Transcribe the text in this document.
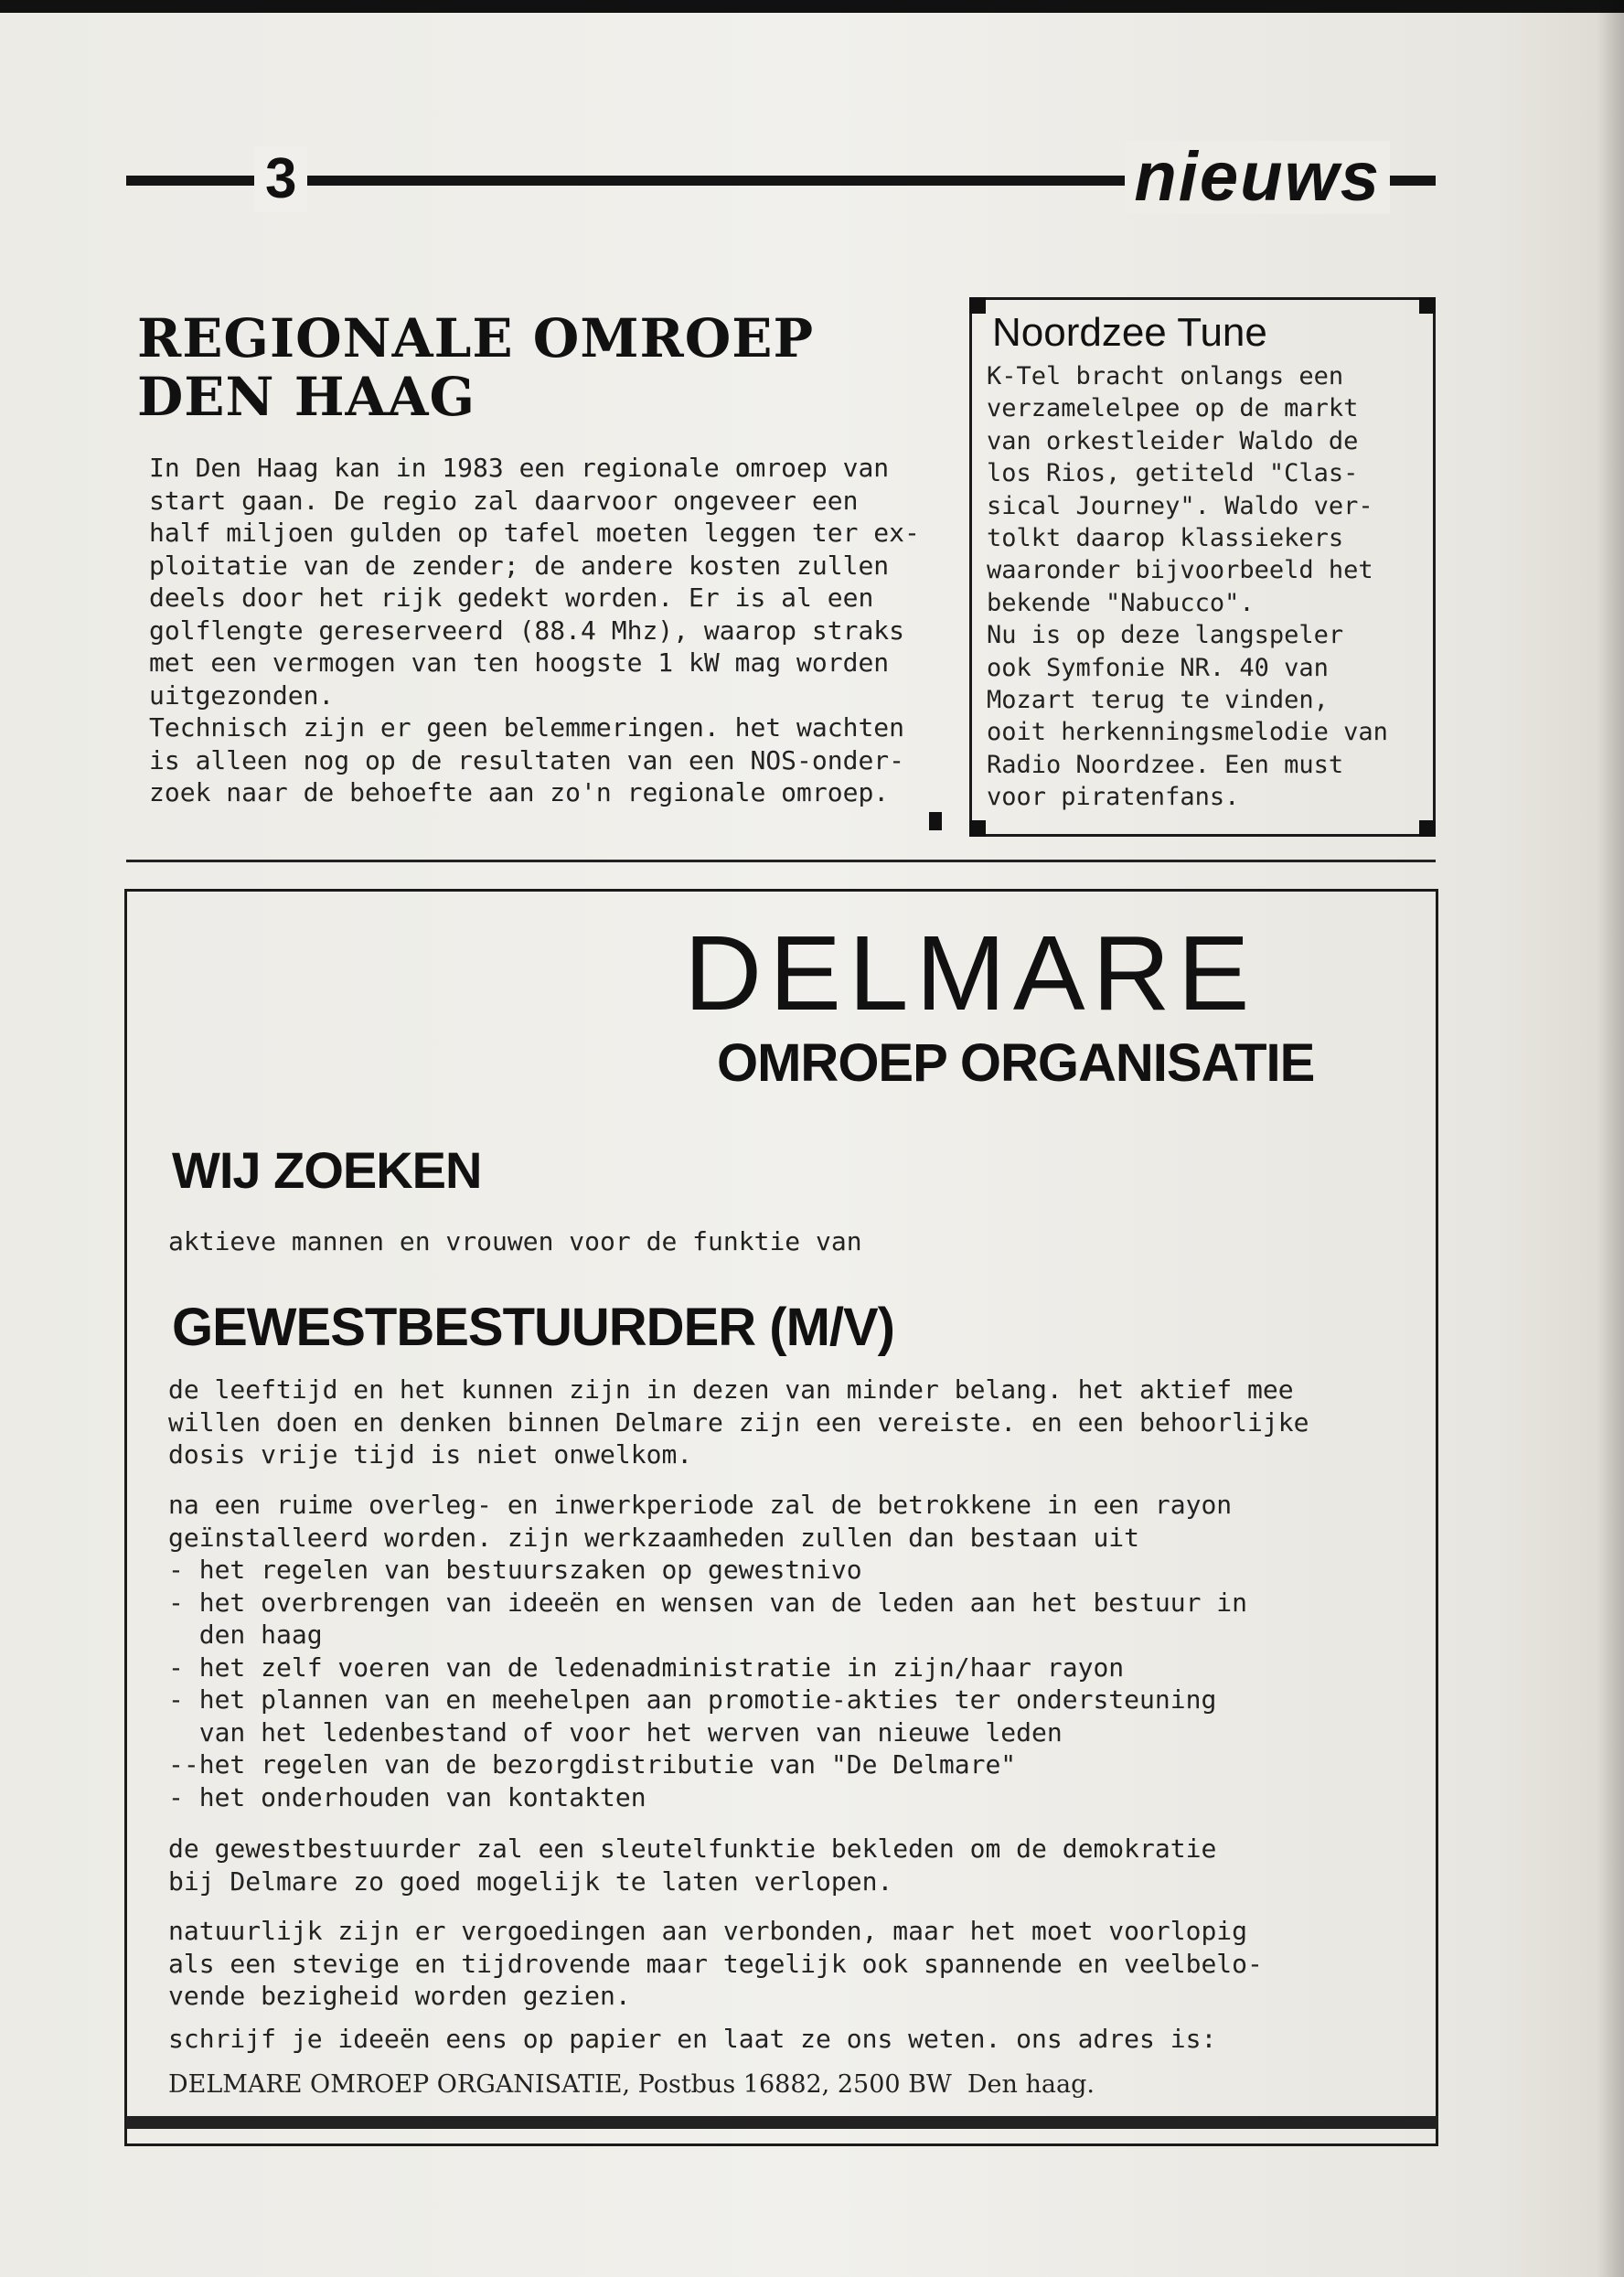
3	nieuws
REGIONALE OMROEP
DEN HAAG
In Den Haag kan in 1983 een regionale omroep van
start gaan. De regio zal daarvoor ongeveer een
half miljoen gulden op tafel moeten leggen ter ex-
ploitatie van de zender; de andere kosten zullen
deels door het rijk gedekt worden. Er is al een
golflengte gereserveerd (88.4 Mhz), waarop straks
met een vermogen van ten hoogste 1 kW mag worden
uitgezonden.
Technisch zijn er geen belemmeringen. het wachten
is alleen nog op de resultaten van een NOS-onder-
zoek naar de behoefte aan zo'n regionale omroep.
Noordzee Tune
K-Tel bracht onlangs een
verzamelelpee op de markt
van orkestleider Waldo de
los Rios, getiteld "Clas-
sical Journey". Waldo ver-
tolkt daarop klassiekers
waaronder bijvoorbeeld het
bekende "Nabucco".
Nu is op deze langspeler
ook Symfonie NR. 40 van
Mozart terug te vinden,
ooit herkenningsmelodie van
Radio Noordzee. Een must
voor piratenfans.
DELMARE
OMROEP ORGANISATIE
WIJ ZOEKEN
aktieve mannen en vrouwen voor de funktie van
GEWESTBESTUURDER (M/V)
de leeftijd en het kunnen zijn in dezen van minder belang. het aktief mee
willen doen en denken binnen Delmare zijn een vereiste. en een behoorlijke
dosis vrije tijd is niet onwelkom.
na een ruime overleg- en inwerkperiode zal de betrokkene in een rayon
geïnstalleerd worden. zijn werkzaamheden zullen dan bestaan uit
- het regelen van bestuurszaken op gewestnivo
- het overbrengen van ideeën en wensen van de leden aan het bestuur in
den haag
- het zelf voeren van de ledenadministratie in zijn/haar rayon
- het plannen van en meehelpen aan promotie-akties ter ondersteuning
van het ledenbestand of voor het werven van nieuwe leden
--het regelen van de bezorgdistributie van "De Delmare"
- het onderhouden van kontakten
de gewestbestuurder zal een sleutelfunktie bekleden om de demokratie
bij Delmare zo goed mogelijk te laten verlopen.
natuurlijk zijn er vergoedingen aan verbonden, maar het moet voorlopig
als een stevige en tijdrovende maar tegelijk ook spannende en veelbelo-
vende bezigheid worden gezien.
schrijf je ideeën eens op papier en laat ze ons weten. ons adres is:
DELMARE OMROEP ORGANISATIE, Postbus 16882, 2500 BW  Den haag.
